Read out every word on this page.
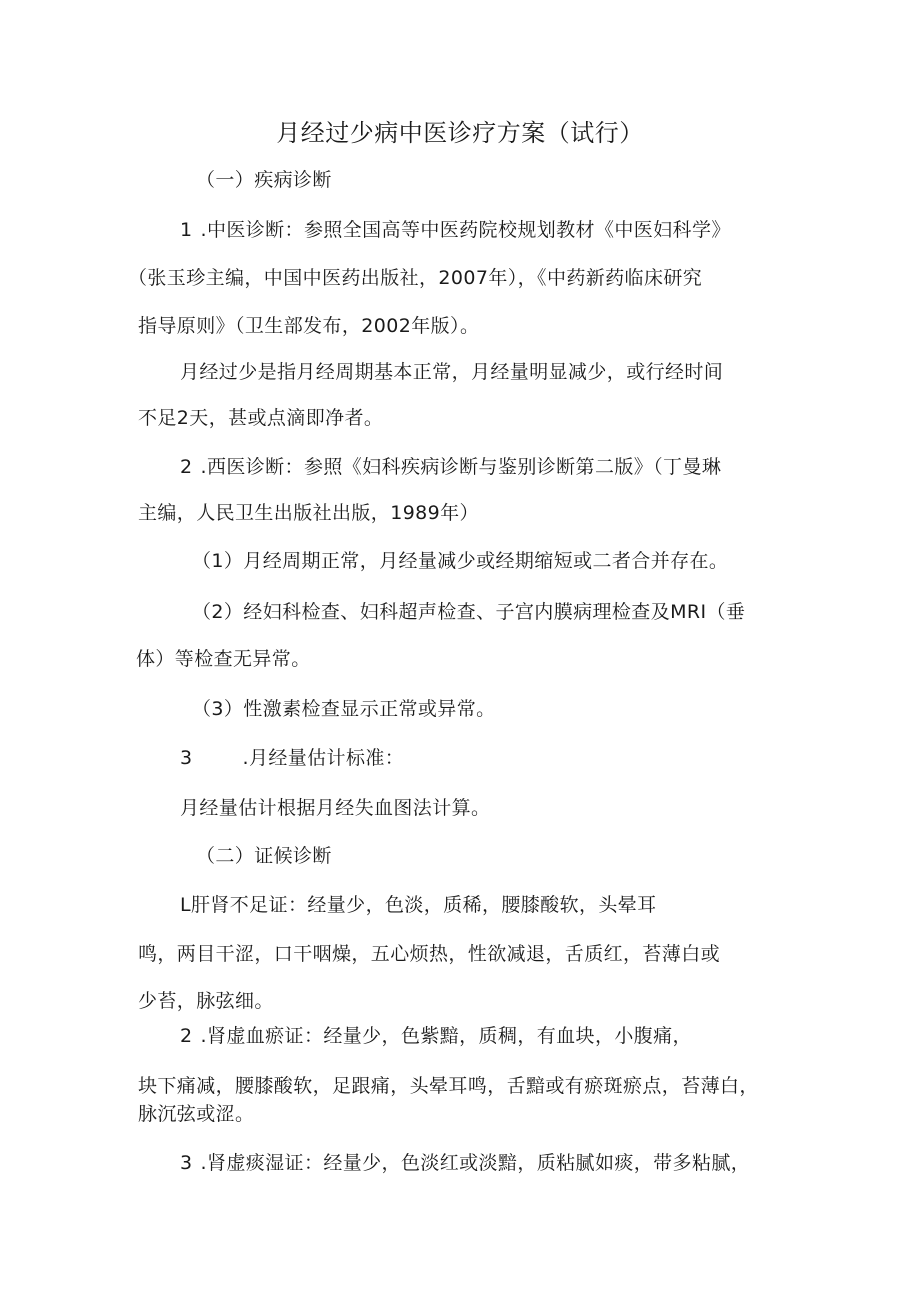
月经过少病中医诊疗方案（试行）
（一）疾病诊断
1 .中医诊断：参照全国高等中医药院校规划教材《中医妇科学》
（张玉珍主编，中国中医药出版社，2007年），《中药新药临床研究
指导原则》（卫生部发布，2002年版）。
月经过少是指月经周期基本正常，月经量明显减少，或行经时间
不足2天，甚或点滴即净者。
2 .西医诊断：参照《妇科疾病诊断与鉴别诊断第二版》（丁曼琳
主编，人民卫生出版社出版，1989年）
（1）月经周期正常，月经量减少或经期缩短或二者合并存在。
（2）经妇科检查、妇科超声检查、子宫内膜病理检查及MRI（垂
体）等检查无异常。
（3）性激素检查显示正常或异常。
3	.月经量估计标准：
月经量估计根据月经失血图法计算。
（二）证候诊断
L肝肾不足证：经量少，色淡，质稀，腰膝酸软，头晕耳
鸣，两目干涩，口干咽燥，五心烦热，性欲减退，舌质红，苔薄白或
少苔，脉弦细。
2 .肾虚血瘀证：经量少，色紫黯，质稠，有血块，小腹痛，
块下痛减，腰膝酸软，足跟痛，头晕耳鸣，舌黯或有瘀斑瘀点，苔薄白，
脉沉弦或涩。
3 .肾虚痰湿证：经量少，色淡红或淡黯，质粘腻如痰，带多粘腻，
